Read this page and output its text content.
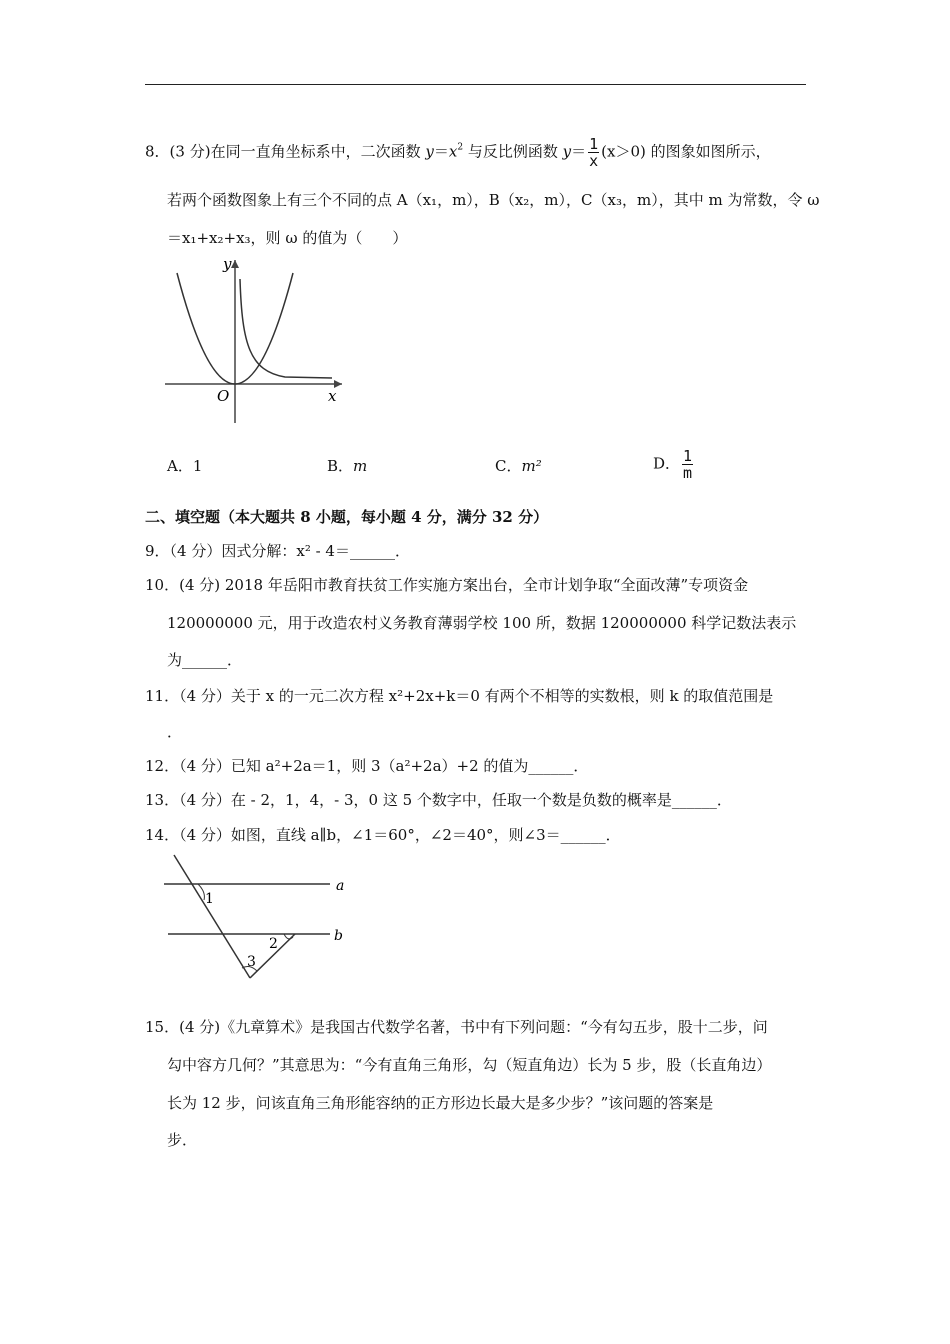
8．(3 分)在同一直角坐标系中，二次函数 $y=x^2$ 与反比例函数 $y= \frac{1}{x} (x>0)$ 的图象如图所示，
若两个函数图象上有三个不同的点 A（x₁，m），B（x₂，m），C（x₃，m），其中 m 为常数，令 ω
＝x₁+x₂+x₃，则 ω 的值为（　　）
y
x
O
A．1	B．m	C．m²	D． $\frac{1}{m}$
二、填空题（本大题共 8 小题，每小题 4 分，满分 32 分）
9．（4 分）因式分解：x² - 4＝______．
10．(4 分) 2018 年岳阳市教育扶贫工作实施方案出台，全市计划争取“全面改薄”专项资金
120000000 元，用于改造农村义务教育薄弱学校 100 所，数据 120000000 科学记数法表示
为______．
11．（4 分）关于 x 的一元二次方程 x²+2x+k＝0 有两个不相等的实数根，则 k 的取值范围是
．
12．（4 分）已知 a²+2a＝1，则 3（a²+2a）+2 的值为______．
13．（4 分）在 - 2，1，4，- 3，0 这 5 个数字中，任取一个数是负数的概率是______．
14．（4 分）如图，直线 a∥b，∠1＝60°，∠2＝40°，则∠3＝______．
a
b
1
2
3
15．(4 分)《九章算术》是我国古代数学名著，书中有下列问题：“今有勾五步，股十二步，问
勾中容方几何？”其意思为：“今有直角三角形，勾（短直角边）长为 5 步，股（长直角边）
长为 12 步，问该直角三角形能容纳的正方形边长最大是多少步？”该问题的答案是
步．
